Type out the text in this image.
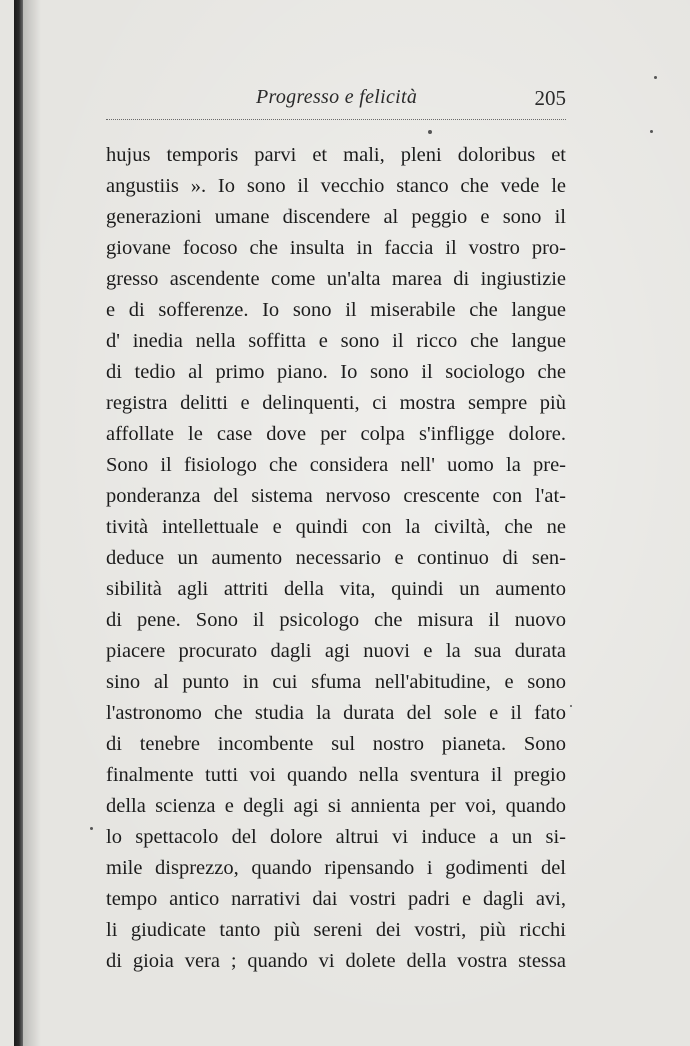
Progresso e felicità	205
hujus temporis parvi et mali, pleni doloribus et
angustiis ». Io sono il vecchio stanco che vede le
generazioni umane discendere al peggio e sono il
giovane focoso che insulta in faccia il vostro pro-
gresso ascendente come un'alta marea di ingiustizie
e di sofferenze. Io sono il miserabile che langue
d' inedia nella soffitta e sono il ricco che langue
di tedio al primo piano. Io sono il sociologo che
registra delitti e delinquenti, ci mostra sempre più
affollate le case dove per colpa s'infligge dolore.
Sono il fisiologo che considera nell' uomo la pre-
ponderanza del sistema nervoso crescente con l'at-
tività intellettuale e quindi con la civiltà, che ne
deduce un aumento necessario e continuo di sen-
sibilità agli attriti della vita, quindi un aumento
di pene. Sono il psicologo che misura il nuovo
piacere procurato dagli agi nuovi e la sua durata
sino al punto in cui sfuma nell'abitudine, e sono
l'astronomo che studia la durata del sole e il fato
di tenebre incombente sul nostro pianeta. Sono
finalmente tutti voi quando nella sventura il pregio
della scienza e degli agi si annienta per voi, quando
lo spettacolo del dolore altrui vi induce a un si-
mile disprezzo, quando ripensando i godimenti del
tempo antico narrativi dai vostri padri e dagli avi,
li giudicate tanto più sereni dei vostri, più ricchi
di gioia vera ; quando vi dolete della vostra stessa
